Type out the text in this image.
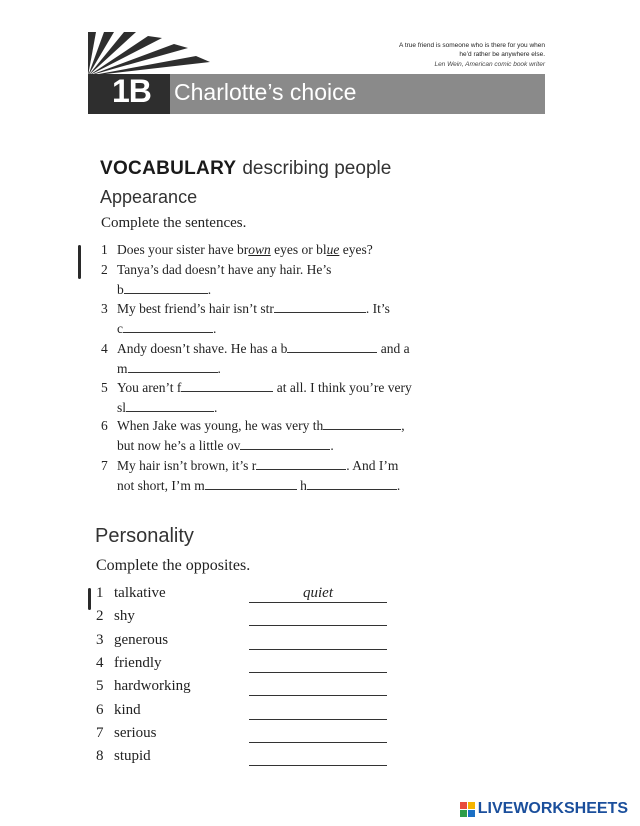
1B Charlotte’s choice
A true friend is someone who is there for you when
he’d rather be anywhere else.
Len Wein, American comic book writer
VOCABULARY describing people
Appearance
Complete the sentences.
1 Does your sister have brown eyes or blue eyes?
2 Tanya’s dad doesn’t have any hair. He’s
b	.
3 My best friend’s hair isn’t str	. It’s
c	.
4 Andy doesn’t shave. He has a b	and a
m	.
5 You aren’t f	at all. I think you’re very
sl	.
6 When Jake was young, he was very th	,
but now he’s a little ov	.
7 My hair isn’t brown, it’s r	. And I’m
not short, I’m m	h	.
Personality
Complete the opposites.
1 talkative	quiet
2 shy
3 generous
4 friendly
5 hardworking
6 kind
7 serious
8 stupid
LIVEWORKSHEETS
